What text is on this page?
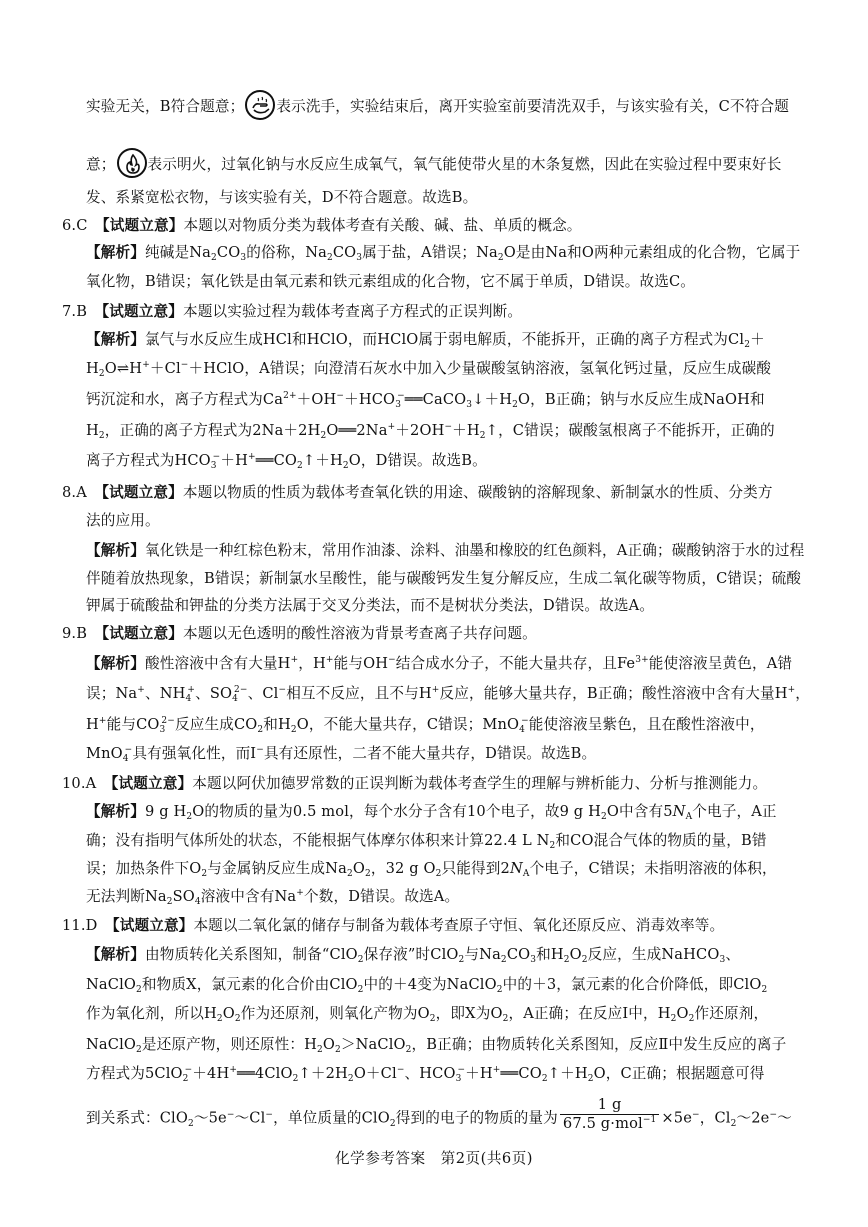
实验无关，B符合题意； 表示洗手，实验结束后，离开实验室前要清洗双手，与该实验有关，C不符合题
意； 表示明火，过氧化钠与水反应生成氧气，氧气能使带火星的木条复燃，因此在实验过程中要束好长
发、系紧宽松衣物，与该实验有关，D不符合题意。故选B。
6.C　 【试题立意】本题以对物质分类为载体考查有关酸、碱、盐、单质的概念。
【解析】纯碱是$Na_2CO_3$的俗称，$Na_2CO_3$属于盐，A错误；$Na_2O$是由Na和O两种元素组成的化合物，它属于
氧化物，B错误；氧化铁是由氧元素和铁元素组成的化合物，它不属于单质，D错误。故选C。
7.B　 【试题立意】本题以实验过程为载体考查离子方程式的正误判断。
【解析】氯气与水反应生成HCl和HClO，而HClO属于弱电解质，不能拆开，正确的离子方程式为$Cl_2+$
$H_2O\rightleftharpoons H^++Cl^-+HClO$，A错误；向澄清石灰水中加入少量碳酸氢钠溶液，氢氧化钙过量，反应生成碳酸
钙沉淀和水，离子方程式为$Ca^{2+}+OH^-+HCO_3^-══CaCO_3↓+H_2O$，B正确；钠与水反应生成NaOH和
$H_2$，正确的离子方程式为$2Na+2H_2O══2Na^++2OH^-+H_2↑$，C错误；碳酸氢根离子不能拆开，正确的
离子方程式为$HCO_3^-+H^+══CO_2↑+H_2O$，D错误。故选B。
8.A　 【试题立意】本题以物质的性质为载体考查氧化铁的用途、碳酸钠的溶解现象、新制氯水的性质、分类方
法的应用。
【解析】氧化铁是一种红棕色粉末，常用作油漆、涂料、油墨和橡胶的红色颜料，A正确；碳酸钠溶于水的过程
伴随着放热现象，B错误；新制氯水呈酸性，能与碳酸钙发生复分解反应，生成二氧化碳等物质，C错误；硫酸
钾属于硫酸盐和钾盐的分类方法属于交叉分类法，而不是树状分类法，D错误。故选A。
9.B　 【试题立意】本题以无色透明的酸性溶液为背景考查离子共存问题。
【解析】酸性溶液中含有大量H+，H+能与OH−结合成水分子，不能大量共存，且$Fe^{3+}$能使溶液呈黄色，A错
误；Na+、$NH_4^+$、$SO_4^{2-}$、Cl−相互不反应，且不与H+反应，能够大量共存，B正确；酸性溶液中含有大量H+，
H+能与$CO_3^{2-}$反应生成$CO_2$和$H_2O$，不能大量共存，C错误；MnO$_4$−能使溶液呈紫色，且在酸性溶液中，
MnO$_4$−具有强氧化性，而I−具有还原性，二者不能大量共存，D错误。故选B。
10.A　 【试题立意】本题以阿伏加德罗常数的正误判断为载体考查学生的理解与辨析能力、分析与推测能力。
【解析】9 g $H_2O$的物质的量为0.5 mol，每个水分子含有10个电子，故9 g $H_2O$中含有$5N_A$个电子，A正
确；没有指明气体所处的状态，不能根据气体摩尔体积来计算22.4 L $N_2$和CO混合气体的物质的量，B错
误；加热条件下$O_2$与金属钠反应生成$Na_2O_2$，32 g $O_2$只能得到$2N_A$个电子，C错误；未指明溶液的体积，
无法判断$Na_2SO_4$溶液中含有Na+个数，D错误。故选A。
11.D　 【试题立意】本题以二氧化氯的储存与制备为载体考查原子守恒、氧化还原反应、消毒效率等。
【解析】由物质转化关系图知，制备“ClO$_2$保存液”时ClO$_2$与$Na_2CO_3$和$H_2O_2$反应，生成NaHCO$_3$、
NaClO$_2$和物质X，氯元素的化合价由ClO$_2$中的＋4变为NaClO$_2$中的＋3，氯元素的化合价降低，即ClO$_2$
作为氧化剂，所以$H_2O_2$作为还原剂，则氧化产物为$O_2$，即X为$O_2$，A正确；在反应Ⅰ中，$H_2O_2$作还原剂，
NaClO$_2$是还原产物，则还原性：$H_2O_2>NaClO_2$，B正确；由物质转化关系图知，反应Ⅱ中发生反应的离子
方程式为$5ClO_2^-+4H^+══4ClO_2↑+2H_2O+Cl^-$、$HCO_3^-+H^+══CO_2↑+H_2O$，C正确；根据题意可得
到关系式：ClO$_2$～5e−～Cl−，单位质量的ClO$_2$得到的电子的物质的量为 $\frac{1 g}{67.5 g\cdot mol^{-1}} \times 5e^-$，$Cl_2\sim 2e^-\sim$
化学参考答案　第2页(共6页)
